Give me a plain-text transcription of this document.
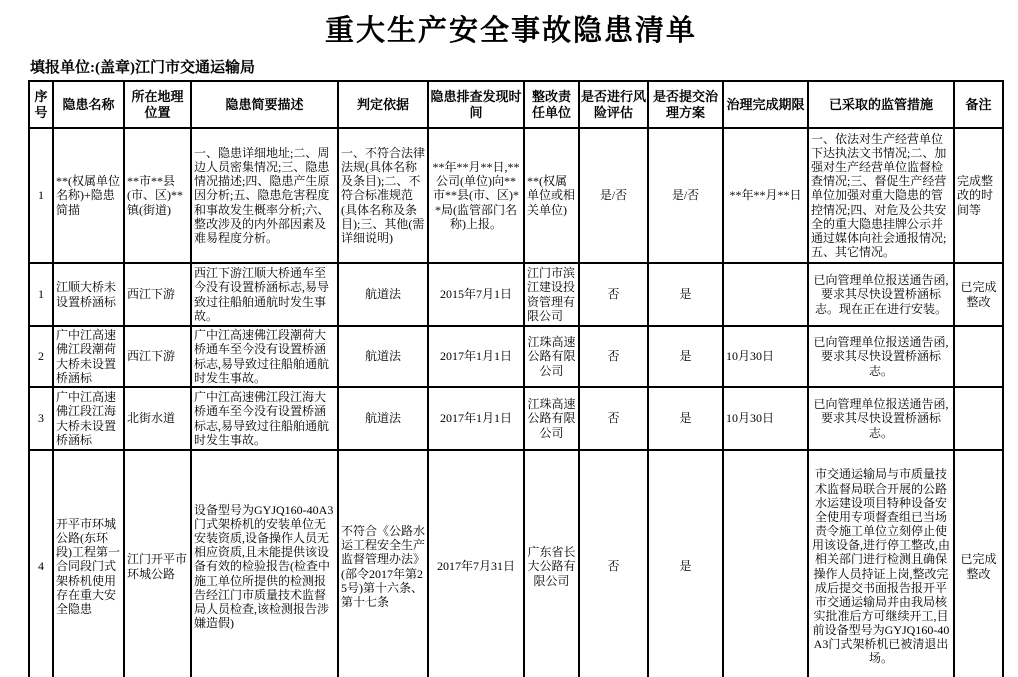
重大生产安全事故隐患清单
填报单位:(盖章)江门市交通运输局
序号	隐患名称	所在地理位置	隐患简要描述	判定依据	隐患排查发现时间	整改责任单位	是否进行风险评估	是否提交治理方案	治理完成期限	已采取的监管措施	备注
1	**(权属单位名称)+隐患简描	**市**县(市、区)**镇(街道)	一、隐患详细地址;二、周边人员密集情况;三、隐患情况描述;四、隐患产生原因分析;五、隐患危害程度和事故发生概率分析;六、整改涉及的内外部因素及难易程度分析。	一、不符合法律法规(具体名称及条目);二、不符合标准规范(具体名称及条目);三、其他(需详细说明)	**年**月**日,**公司(单位)向**市**县(市、区)**局(监管部门名称)上报。	**(权属单位或相关单位)	是/否	是/否	**年**月**日	一、依法对生产经营单位下达执法文书情况;二、加强对生产经营单位监督检查情况;三、督促生产经营单位加强对重大隐患的管控情况;四、对危及公共安全的重大隐患挂牌公示并通过媒体向社会通报情况;五、其它情况。	完成整改的时间等
1	江顺大桥未设置桥涵标	西江下游	西江下游江顺大桥通车至今没有设置桥涵标志,易导致过往船舶通航时发生事故。	航道法	2015年7月1日	江门市滨江建设投资管理有限公司	否	是		已向管理单位报送通告函,要求其尽快设置桥涵标志。现在正在进行安装。	已完成整改
2	广中江高速佛江段潮荷大桥未设置桥涵标	西江下游	广中江高速佛江段潮荷大桥通车至今没有设置桥涵标志,易导致过往船舶通航时发生事故。	航道法	2017年1月1日	江珠高速公路有限公司	否	是	10月30日	已向管理单位报送通告函,要求其尽快设置桥涵标志。	
3	广中江高速佛江段江海大桥未设置桥涵标	北街水道	广中江高速佛江段江海大桥通车至今没有设置桥涵标志,易导致过往船舶通航时发生事故。	航道法	2017年1月1日	江珠高速公路有限公司	否	是	10月30日	已向管理单位报送通告函,要求其尽快设置桥涵标志。	
4	开平市环城公路(东环段)工程第一合同段门式架桥机使用存在重大安全隐患	江门开平市环城公路	设备型号为GYJQ160-40A3门式架桥机的安装单位无安装资质,设备操作人员无相应资质,且未能提供该设备有效的检验报告(检查中施工单位所提供的检测报告经江门市质量技术监督局人员检查,该检测报告涉嫌造假)	不符合《公路水运工程安全生产监督管理办法》(部令2017年第25号)第十六条、第十七条	2017年7月31日	广东省长大公路有限公司	否	是		市交通运输局与市质量技术监督局联合开展的公路水运建设项目特种设备安全使用专项督查组已当场责令施工单位立刻停止使用该设备,进行停工整改,由相关部门进行检测且确保操作人员持证上岗,整改完成后提交书面报告报开平市交通运输局并由我局核实批准后方可继续开工,目前设备型号为GYJQ160-40A3门式架桥机已被清退出场。	已完成整改
